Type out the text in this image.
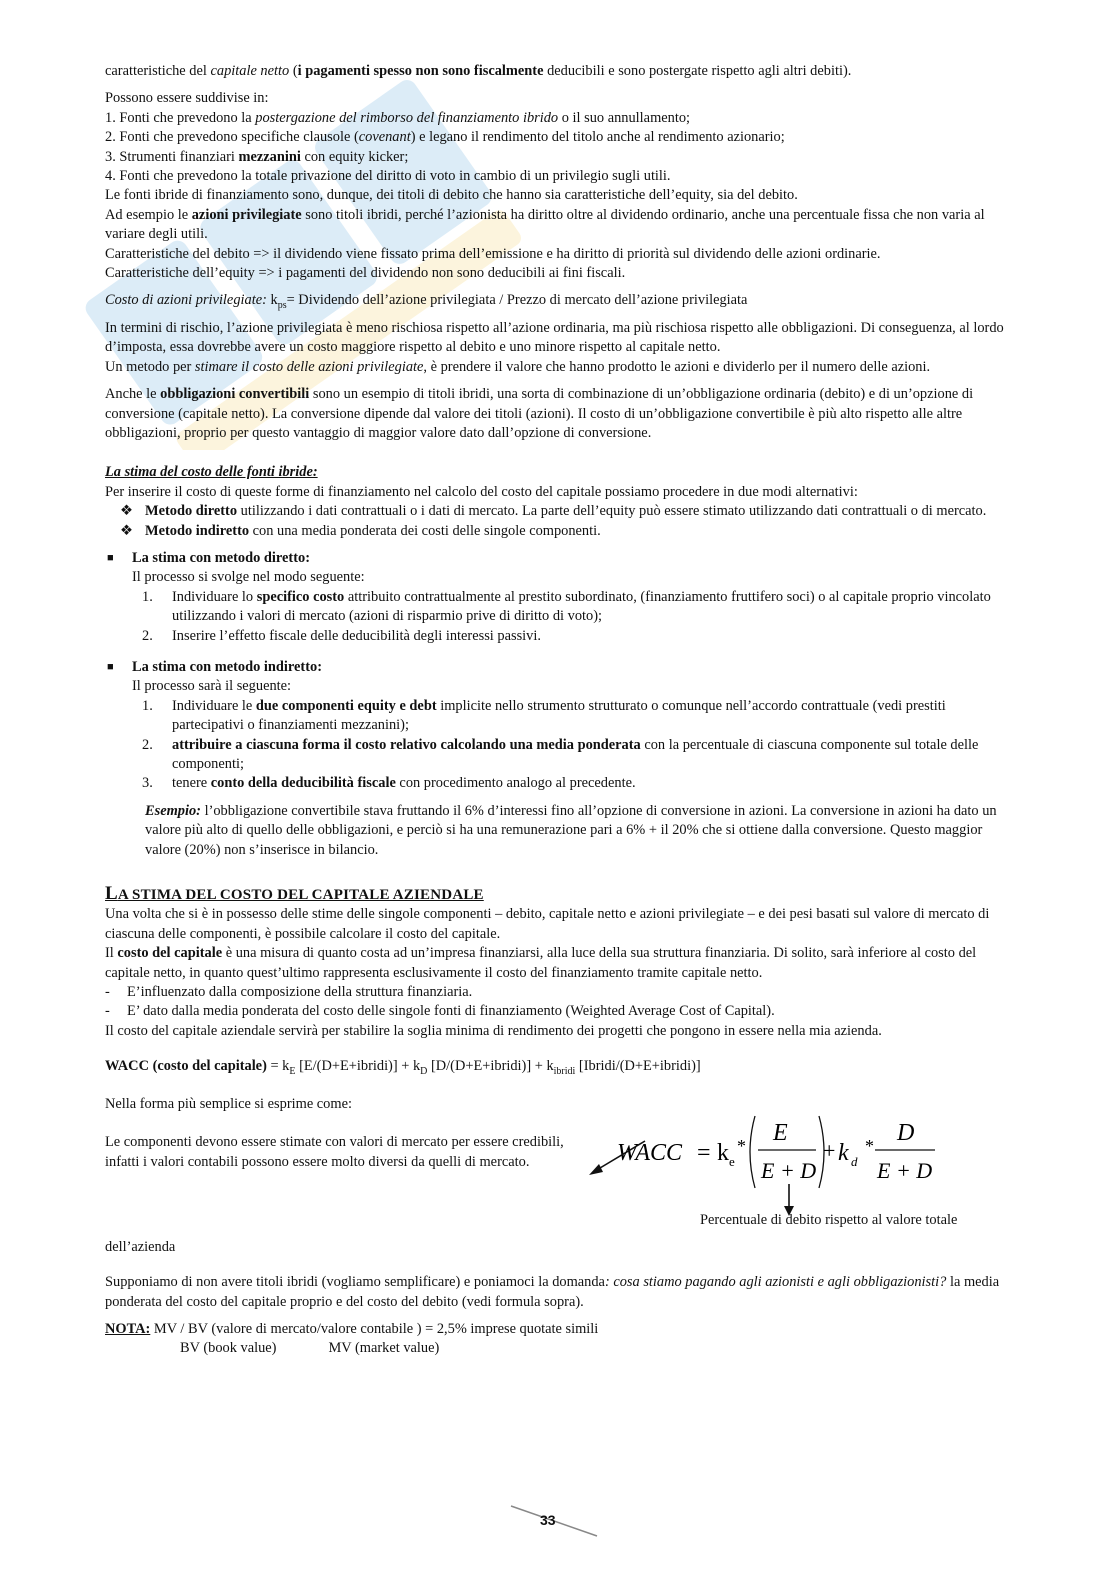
caratteristiche del capitale netto (i pagamenti spesso non sono fiscalmente deducibili e sono postergate rispetto agli altri debiti).

Possono essere suddivise in:

1. Fonti che prevedono la postergazione del rimborso del finanziamento ibrido o il suo annullamento;

2. Fonti che prevedono specifiche clausole (covenant) e legano il rendimento del titolo anche al rendimento azionario;

3. Strumenti finanziari mezzanini con equity kicker;

4. Fonti che prevedono la totale privazione del diritto di voto in cambio di un privilegio sugli utili.

Le fonti ibride di finanziamento sono, dunque, dei titoli di debito che hanno sia caratteristiche dell’equity, sia del debito.

Ad esempio le azioni privilegiate sono titoli ibridi, perché l’azionista ha diritto oltre al dividendo ordinario, anche una percentuale fissa che non varia al variare degli utili.

Caratteristiche del debito => il dividendo viene fissato prima dell’emissione e ha diritto di priorità sul dividendo delle azioni ordinarie.

Caratteristiche dell’equity => i pagamenti del dividendo non sono deducibili ai fini fiscali.

Costo di azioni privilegiate: $k_{ps}=$ Dividendo dell’azione privilegiata / Prezzo di mercato dell’azione privilegiata

In termini di rischio, l’azione privilegiata è meno rischiosa rispetto all’azione ordinaria, ma più rischiosa rispetto alle obbligazioni. Di conseguenza, al lordo d’imposta, essa dovrebbe avere un costo maggiore rispetto al debito e uno minore rispetto al capitale netto.

Un metodo per stimare il costo delle azioni privilegiate, è prendere il valore che hanno prodotto le azioni e dividerlo per il numero delle azioni.

Anche le obbligazioni convertibili sono un esempio di titoli ibridi, una sorta di combinazione di un’obbligazione ordinaria (debito) e di un’opzione di conversione (capitale netto). La conversione dipende dal valore dei titoli (azioni). Il costo di un’obbligazione convertibile è più alto rispetto alle altre obbligazioni, proprio per questo vantaggio di maggior valore dato dall’opzione di conversione.

La stima del costo delle fonti ibride:

Per inserire il costo di queste forme di finanziamento nel calcolo del costo del capitale possiamo procedere in due modi alternativi:

❖ Metodo diretto utilizzando i dati contrattuali o i dati di mercato. La parte dell’equity può essere stimato utilizzando dati contrattuali o di mercato.
❖ Metodo indiretto con una media ponderata dei costi delle singole componenti.
■ La stima con metodo diretto:

Il processo si svolge nel modo seguente:

1. Individuare lo specifico costo attribuito contrattualmente al prestito subordinato, (finanziamento fruttifero soci) o al capitale proprio vincolato utilizzando i valori di mercato (azioni di risparmio prive di diritto di voto);
2. Inserire l’effetto fiscale delle deducibilità degli interessi passivi.
■ La stima con metodo indiretto:

Il processo sarà il seguente:

1. Individuare le due componenti equity e debt implicite nello strumento strutturato o comunque nell’accordo contrattuale (vedi prestiti partecipativi o finanziamenti mezzanini);
2. attribuire a ciascuna forma il costo relativo calcolando una media ponderata con la percentuale di ciascuna componente sul totale delle componenti;
3. tenere conto della deducibilità fiscale con procedimento analogo al precedente.

Esempio: l’obbligazione convertibile stava fruttando il 6% d’interessi fino all’opzione di conversione in azioni. La conversione in azioni ha dato un valore più alto di quello delle obbligazioni, e perciò si ha una remunerazione pari a 6% + il 20% che si ottiene dalla conversione. Questo maggior valore (20%) non s’inserisce in bilancio.

LA STIMA DEL COSTO DEL CAPITALE AZIENDALE

Una volta che si è in possesso delle stime delle singole componenti – debito, capitale netto e azioni privilegiate – e dei pesi basati sul valore di mercato di ciascuna delle componenti, è possibile calcolare il costo del capitale.

Il costo del capitale è una misura di quanto costa ad un’impresa finanziarsi, alla luce della sua struttura finanziaria. Di solito, sarà inferiore al costo del capitale netto, in quanto quest’ultimo rappresenta esclusivamente il costo del finanziamento tramite capitale netto.

- E’influenzato dalla composizione della struttura finanziaria.

- E’ dato dalla media ponderata del costo delle singole fonti di finanziamento (Weighted Average Cost of Capital).

Il costo del capitale aziendale servirà per stabilire la soglia minima di rendimento dei progetti che pongono in essere nella mia azienda.

WACC (costo del capitale) = $k_E$ [E/(D+E+ibridi)] + $k_D$ [D/(D+E+ibridi)] + $k_{ibridi}$ [Ibridi/(D+E+ibridi)]

Nella forma più semplice si esprime come:

Le componenti devono essere stimate con valori di mercato per essere credibili, infatti i valori contabili possono essere molto diversi da quelli di mercato.	WACC = k e
* E
E + D
+ k d
* D
E + D

Percentuale di debito rispetto al valore totale

dell’azienda

Supponiamo di non avere titoli ibridi (vogliamo semplificare) e poniamoci la domanda: cosa stiamo pagando agli azionisti e agli obbligazionisti? la media ponderata del costo del capitale proprio e del costo del debito (vedi formula sopra).

NOTA: MV / BV (valore di mercato/valore contabile ) = 2,5% imprese quotate simili

BV (book value)	MV (market value)

33
